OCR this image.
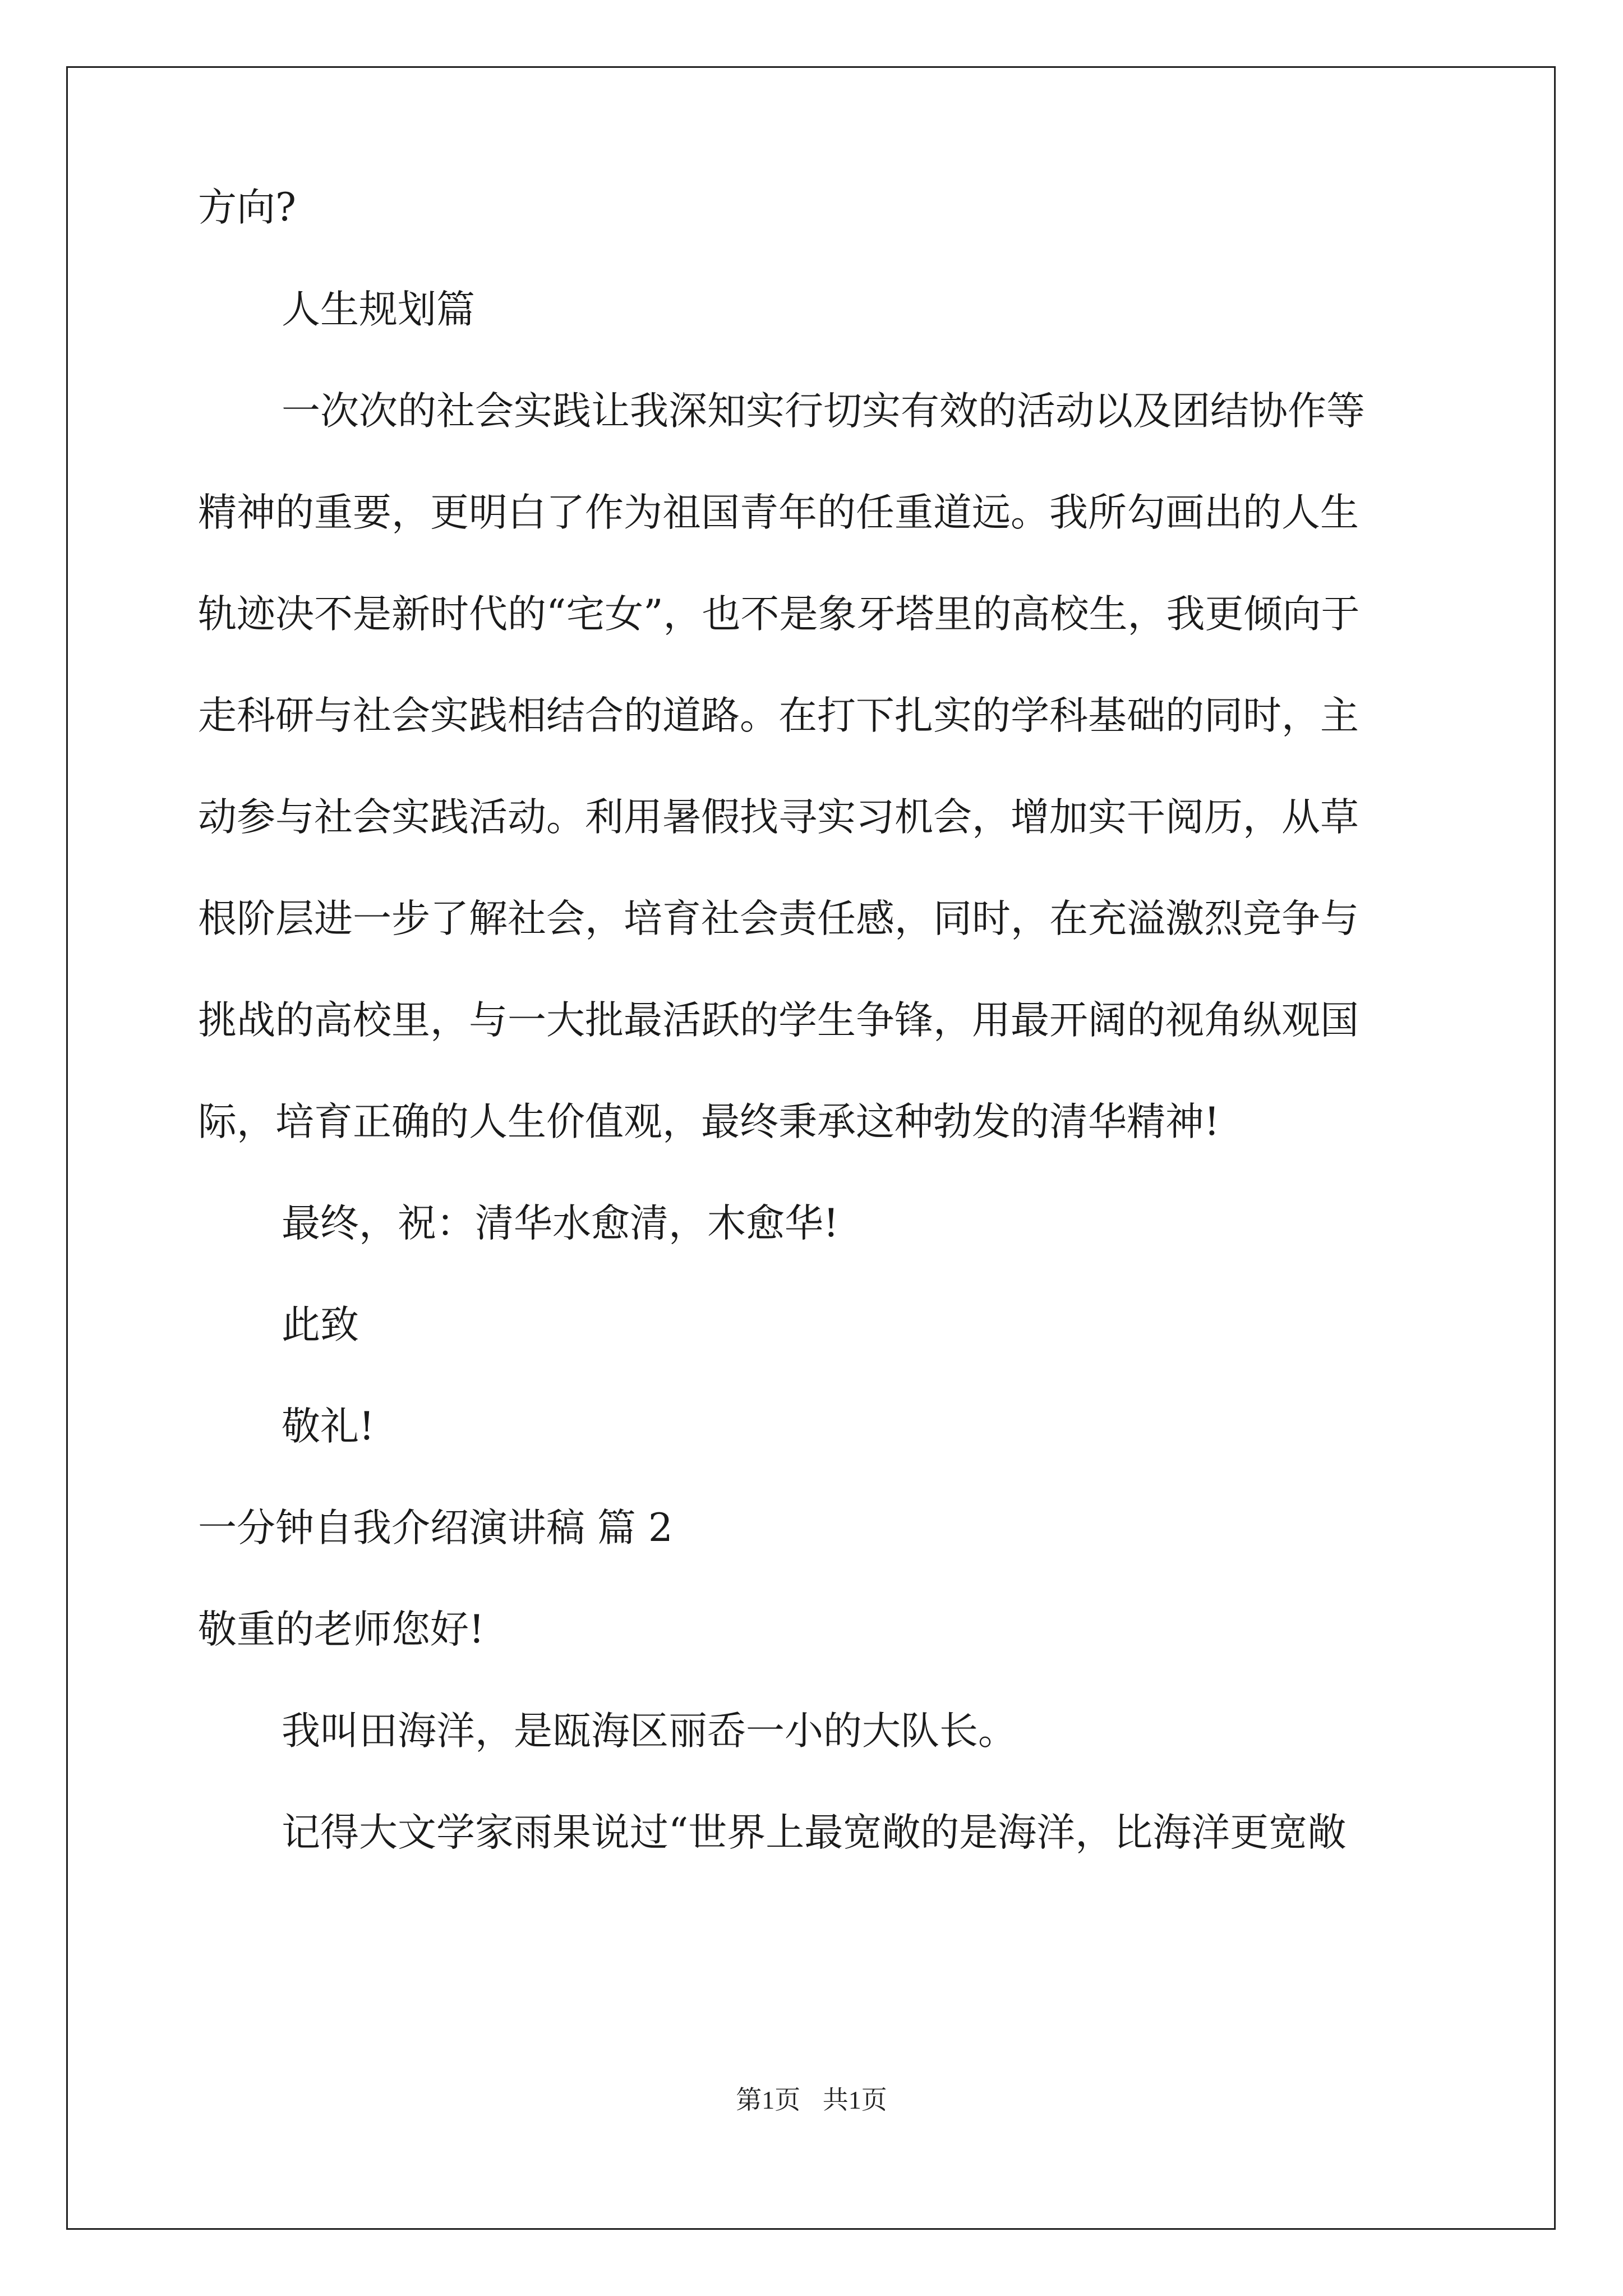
方向?
人生规划篇
一次次的社会实践让我深知实行切实有效的活动以及团结协作等
精神的重要，更明白了作为祖国青年的任重道远。我所勾画出的人生
轨迹决不是新时代的“宅女”，也不是象牙塔里的高校生，我更倾向于
走科研与社会实践相结合的道路。在打下扎实的学科基础的同时，主
动参与社会实践活动。利用暑假找寻实习机会，增加实干阅历，从草
根阶层进一步了解社会，培育社会责任感，同时，在充溢激烈竞争与
挑战的高校里，与一大批最活跃的学生争锋，用最开阔的视角纵观国
际，培育正确的人生价值观，最终秉承这种勃发的清华精神!
最终，祝：清华水愈清，木愈华!
此致
敬礼!
一分钟自我介绍演讲稿 篇 2
敬重的老师您好!
我叫田海洋，是瓯海区丽岙一小的大队长。
记得大文学家雨果说过“世界上最宽敞的是海洋，比海洋更宽敞
第1页 共1页
